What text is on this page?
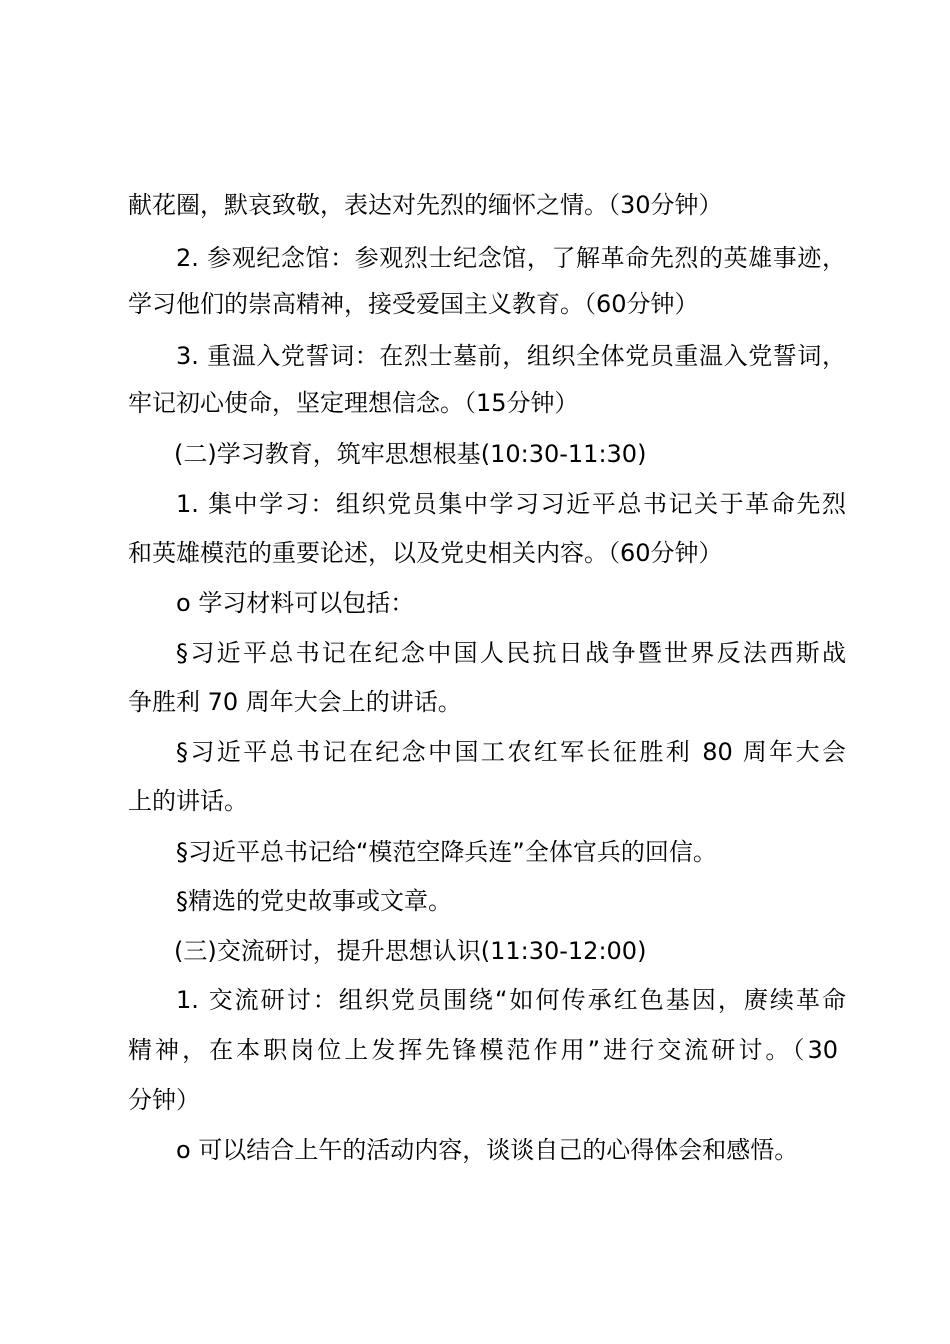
献花圈，默哀致敬，表达对先烈的缅怀之情。（30分钟）
2. 参观纪念馆：参观烈士纪念馆，了解革命先烈的英雄事迹，
学习他们的崇高精神，接受爱国主义教育。（60分钟）
3. 重温入党誓词：在烈士墓前，组织全体党员重温入党誓词，
牢记初心使命，坚定理想信念。（15分钟）
(二)学习教育，筑牢思想根基(10:30-11:30)
1. 集中学习：组织党员集中学习习近平总书记关于革命先烈
和英雄模范的重要论述，以及党史相关内容。（60分钟）
o 学习材料可以包括：
§习近平总书记在纪念中国人民抗日战争暨世界反法西斯战
争胜利 70 周年大会上的讲话。
§习近平总书记在纪念中国工农红军长征胜利 80 周年大会
上的讲话。
§习近平总书记给“模范空降兵连”全体官兵的回信。
§精选的党史故事或文章。
(三)交流研讨，提升思想认识(11:30-12:00)
1. 交流研讨：组织党员围绕“如何传承红色基因，赓续革命
精神，在本职岗位上发挥先锋模范作用”进行交流研讨。（30
分钟）
o 可以结合上午的活动内容，谈谈自己的心得体会和感悟。
